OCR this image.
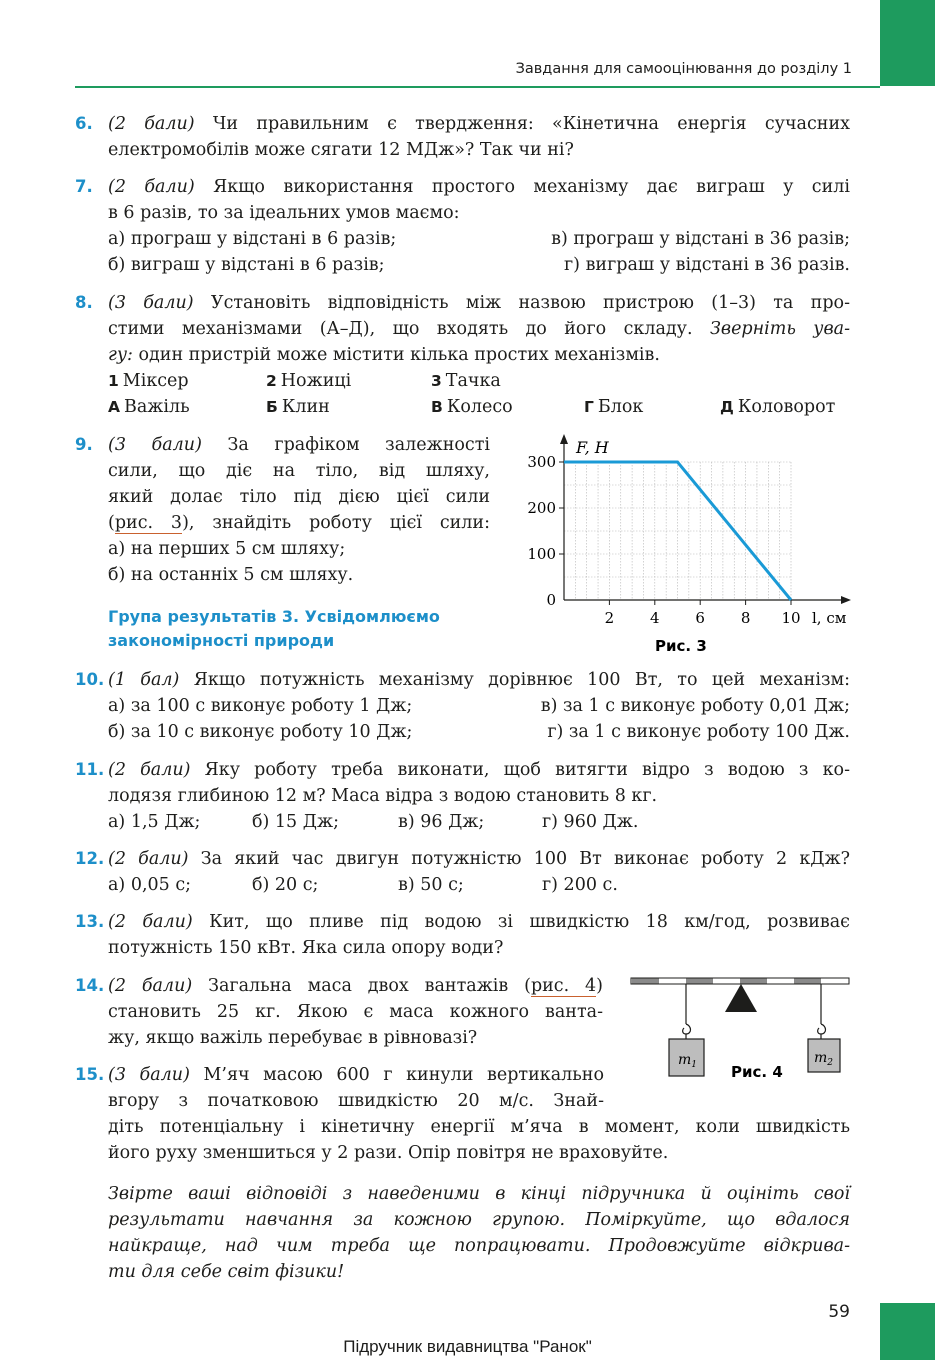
Завдання для самооцінювання до розділу 1
6. (2 бали) Чи правильним є твердження: «Кінетична енергія сучасних
електромобілів може сягати 12 МДж»? Так чи ні?
7. (2 бали) Якщо використання простого механізму дає виграш у силі
в 6 разів, то за ідеальних умов маємо:
а) програш у відстані в 6 разів;	в) програш у відстані в 36 разів;
б) виграш у відстані в 6 разів;	г) виграш у відстані в 36 разів.
8. (3 бали) Установіть відповідність між назвою пристрою (1–3) та про-
стими механізмами (А–Д), що входять до його складу. Зверніть ува-
гу: один пристрій може містити кілька простих механізмів.
1 Міксер	2 Ножиці	3 Тачка
А Важіль	Б Клин	В Колесо	Г Блок	Д Коловорот
9. (3 бали) За графіком залежності
сили, що діє на тіло, від шляху,
який долає тіло під дією цієї сили
(рис. 3), знайдіть роботу цієї сили:
а) на перших 5 см шляху;
б) на останніх 5 см шляху.
Група результатів 3. Усвідомлюємо
закономірності природи
0
100
200
300
2 4 6 8 10
F, Н
l, см
Рис. 3
10. (1 бал) Якщо потужність механізму дорівнює 100 Вт, то цей механізм:
а) за 100 с виконує роботу 1 Дж;	в) за 1 с виконує роботу 0,01 Дж;
б) за 10 с виконує роботу 10 Дж;	г) за 1 с виконує роботу 100 Дж.
11. (2 бали) Яку роботу треба виконати, щоб витягти відро з водою з ко-
лодязя глибиною 12 м? Маса відра з водою становить 8 кг.
а) 1,5 Дж;	б) 15 Дж;	в) 96 Дж;	г) 960 Дж.
12. (2 бали) За який час двигун потужністю 100 Вт виконає роботу 2 кДж?
а) 0,05 с;	б) 20 с;	в) 50 с;	г) 200 с.
13. (2 бали) Кит, що пливе під водою зі швидкістю 18 км/год, розвиває
потужність 150 кВт. Яка сила опору води?
14. (2 бали) Загальна маса двох вантажів (рис. 4)
становить 25 кг. Якою є маса кожного ванта-
жу, якщо важіль перебуває в рівновазі?
$m_1$	$m_2$
Рис. 4
15. (3 бали) М’яч масою 600 г кинули вертикально
вгору з початковою швидкістю 20 м/с. Знай-
діть потенціальну і кінетичну енергії м’яча в момент, коли швидкість
його руху зменшиться у 2 рази. Опір повітря не враховуйте.
Звірте ваші відповіді з наведеними в кінці підручника й оцініть свої
результати навчання за кожною групою. Поміркуйте, що вдалося
найкраще, над чим треба ще попрацювати. Продовжуйте відкрива-
ти для себе світ фізики!
59
Підручник видавництва "Ранок"
